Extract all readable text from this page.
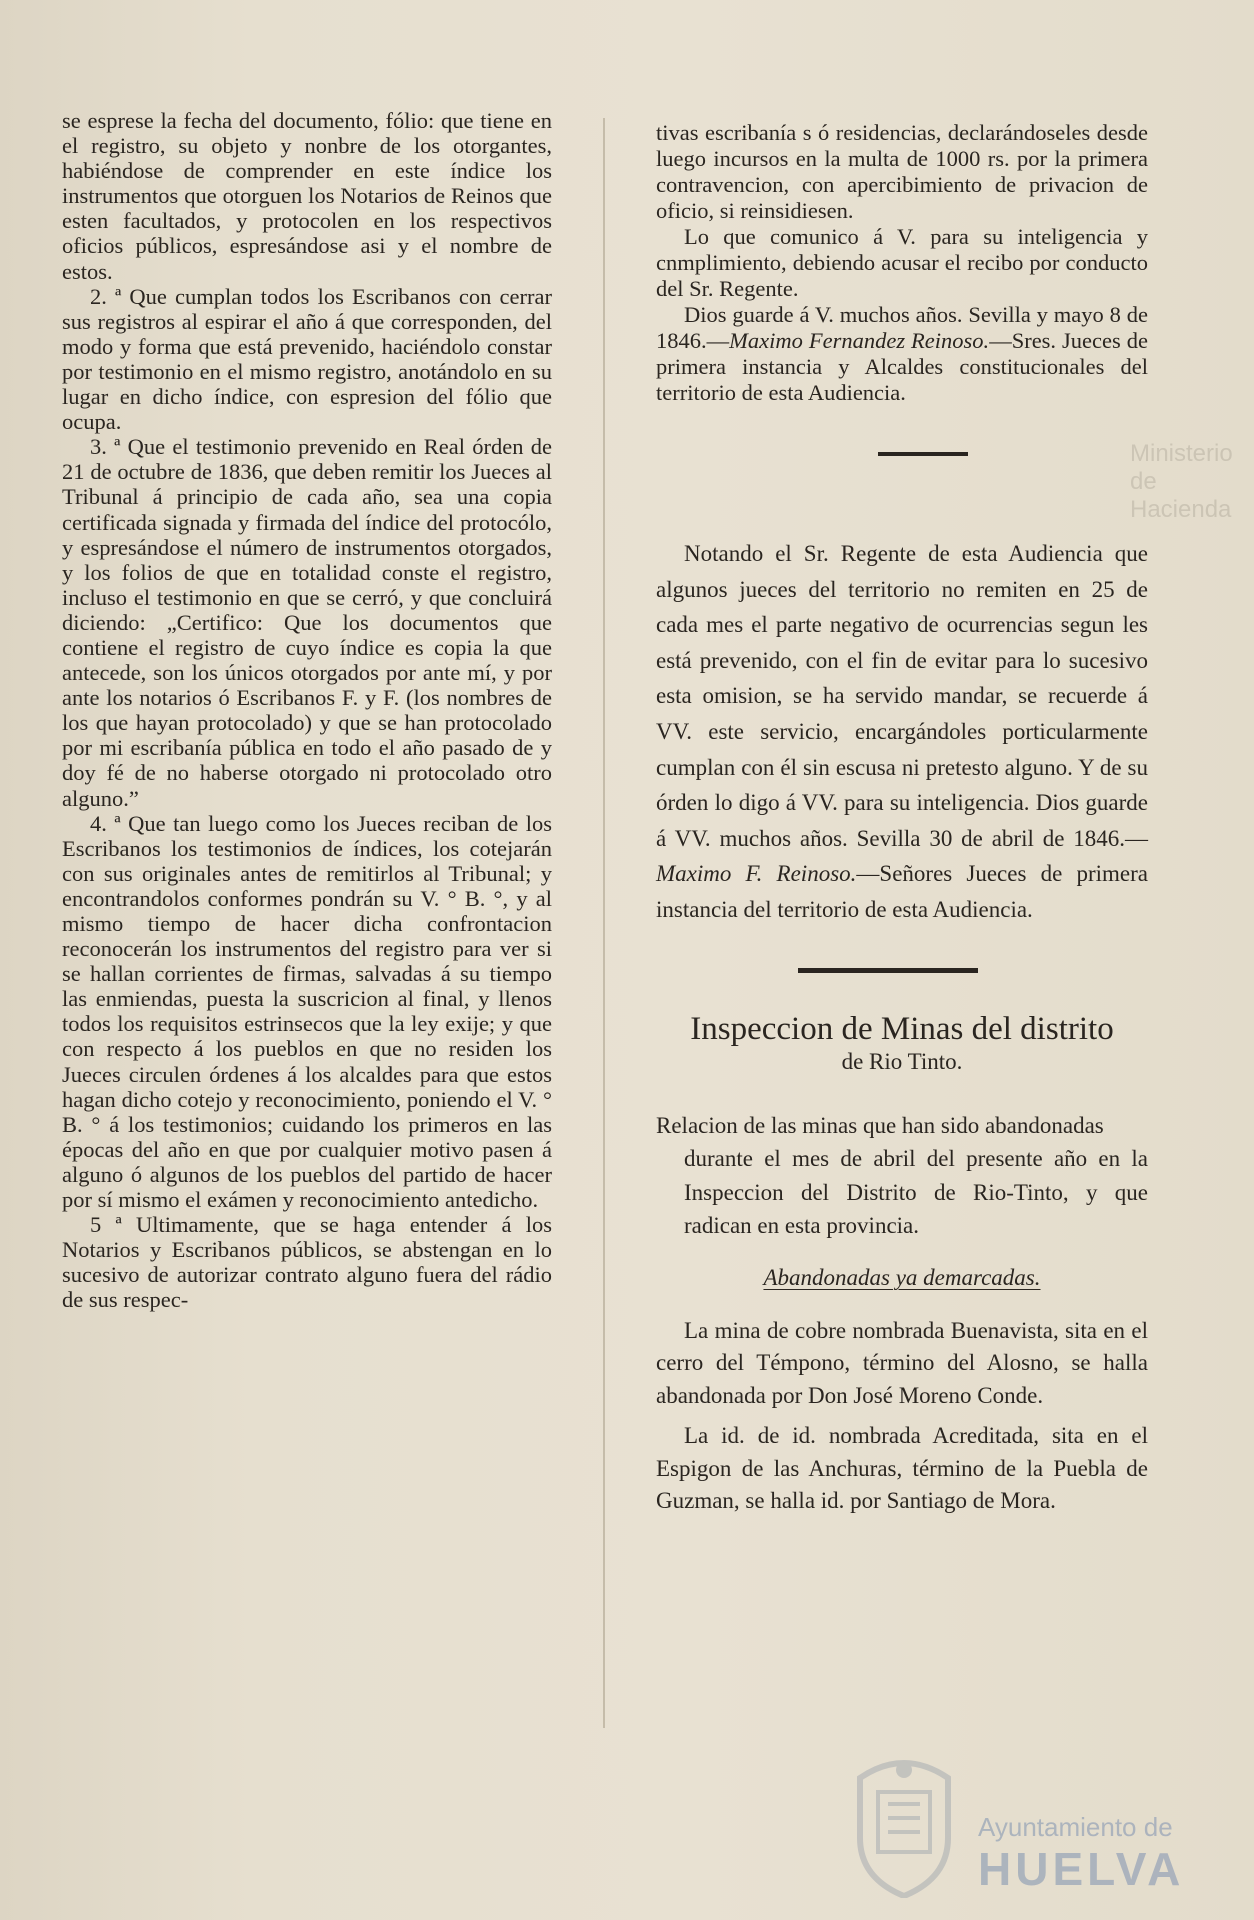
se esprese la fecha del documento, fólio: que tiene en el registro, su objeto y nonbre de los otorgantes, habiéndose de comprender en este índice los instrumentos que otorguen los Notarios de Reinos que esten facultados, y protocolen en los respectivos oficios públicos, espresándose asi y el nombre de estos.

2. ª Que cumplan todos los Escribanos con cerrar sus registros al espirar el año á que corresponden, del modo y forma que está prevenido, haciéndolo constar por testimonio en el mismo registro, anotándolo en su lugar en dicho índice, con espresion del fólio que ocupa.

3. ª Que el testimonio prevenido en Real órden de 21 de octubre de 1836, que deben remitir los Jueces al Tribunal á principio de cada año, sea una copia certificada signada y firmada del índice del protocólo, y espresándose el número de instrumentos otorgados, y los folios de que en totalidad conste el registro, incluso el testimonio en que se cerró, y que concluirá diciendo: „Certifico: Que los documentos que contiene el registro de cuyo índice es copia la que antecede, son los únicos otorgados por ante mí, y por ante los notarios ó Escribanos F. y F. (los nombres de los que hayan protocolado) y que se han protocolado por mi escribanía pública en todo el año pasado de y doy fé de no haberse otorgado ni protocolado otro alguno.”

4. ª Que tan luego como los Jueces reciban de los Escribanos los testimonios de índices, los cotejarán con sus originales antes de remitirlos al Tribunal; y encontrandolos conformes pondrán su V. ° B. °, y al mismo tiempo de hacer dicha confrontacion reconocerán los instrumentos del registro para ver si se hallan corrientes de firmas, salvadas á su tiempo las enmiendas, puesta la suscricion al final, y llenos todos los requisitos estrinsecos que la ley exije; y que con respecto á los pueblos en que no residen los Jueces circulen órdenes á los alcaldes para que estos hagan dicho cotejo y reconocimiento, poniendo el V. ° B. ° á los testimonios; cuidando los primeros en las épocas del año en que por cualquier motivo pasen á alguno ó algunos de los pueblos del partido de hacer por sí mismo el exámen y reconocimiento antedicho.

5 ª Ultimamente, que se haga entender á los Notarios y Escribanos públicos, se abstengan en lo sucesivo de autorizar contrato alguno fuera del rádio de sus respec-

tivas escribanía s ó residencias, declarándoseles desde luego incursos en la multa de 1000 rs. por la primera contravencion, con apercibimiento de privacion de oficio, si reinsidiesen.

Lo que comunico á V. para su inteligencia y cnmplimiento, debiendo acusar el recibo por conducto del Sr. Regente.

Dios guarde á V. muchos años. Sevilla y mayo 8 de 1846.—Maximo Fernandez Reinoso.—Sres. Jueces de primera instancia y Alcaldes constitucionales del territorio de esta Audiencia.

Notando el Sr. Regente de esta Audiencia que algunos jueces del territorio no remiten en 25 de cada mes el parte negativo de ocurrencias segun les está prevenido, con el fin de evitar para lo sucesivo esta omision, se ha servido mandar, se recuerde á VV. este servicio, encargándoles porticularmente cumplan con él sin escusa ni pretesto alguno. Y de su órden lo digo á VV. para su inteligencia. Dios guarde á VV. muchos años. Sevilla 30 de abril de 1846.—Maximo F. Reinoso.—Señores Jueces de primera instancia del territorio de esta Audiencia.

Inspeccion de Minas del distrito
de Rio Tinto.

Relacion de las minas que han sido abandonadas

durante el mes de abril del presente año en la Inspeccion del Distrito de Rio-Tinto, y que radican en esta provincia.

Abandonadas ya demarcadas.

La mina de cobre nombrada Buenavista, sita en el cerro del Témpono, término del Alosno, se halla abandonada por Don José Moreno Conde.

La id. de id. nombrada Acreditada, sita en el Espigon de las Anchuras, término de la Puebla de Guzman, se halla id. por Santiago de Mora.

Ministerio de Hacienda
Ayuntamiento de
HUELVA
